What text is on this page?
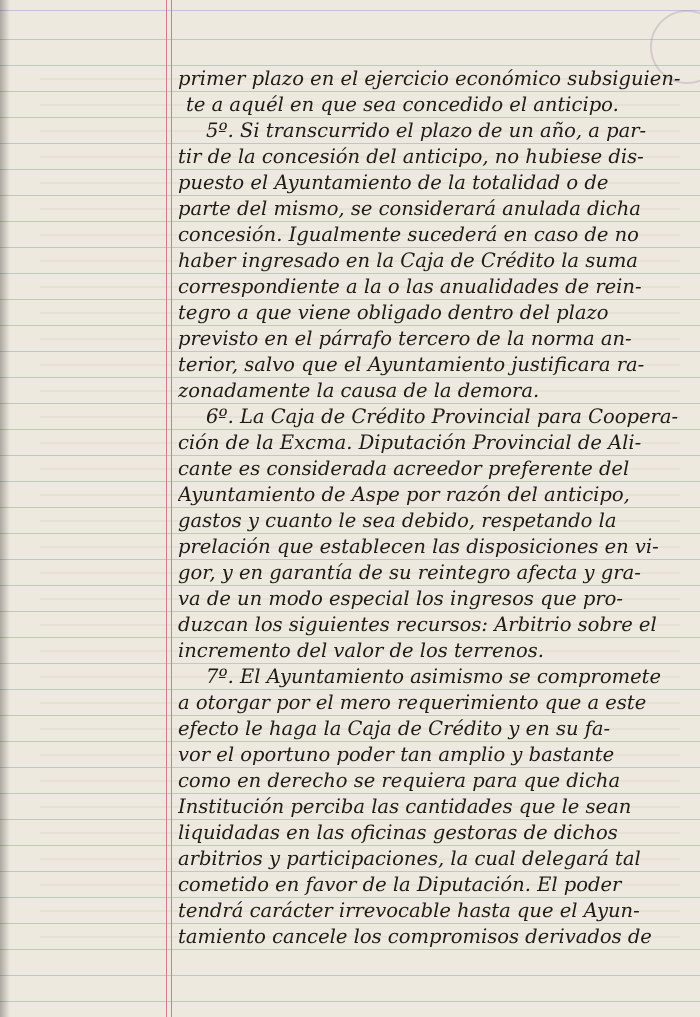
primer plazo en el ejercicio económico subsiguien-
te a aquél en que sea concedido el anticipo.
5º. Si transcurrido el plazo de un año, a par-
tir de la concesión del anticipo, no hubiese dis-
puesto el Ayuntamiento de la totalidad o de
parte del mismo, se considerará anulada dicha
concesión. Igualmente sucederá en caso de no
haber ingresado en la Caja de Crédito la suma
correspondiente a la o las anualidades de rein-
tegro a que viene obligado dentro del plazo
previsto en el párrafo tercero de la norma an-
terior, salvo que el Ayuntamiento justificara ra-
zonadamente la causa de la demora.
6º. La Caja de Crédito Provincial para Coopera-
ción de la Excma. Diputación Provincial de Ali-
cante es considerada acreedor preferente del
Ayuntamiento de Aspe por razón del anticipo,
gastos y cuanto le sea debido, respetando la
prelación que establecen las disposiciones en vi-
gor, y en garantía de su reintegro afecta y gra-
va de un modo especial los ingresos que pro-
duzcan los siguientes recursos: Arbitrio sobre el
incremento del valor de los terrenos.
7º. El Ayuntamiento asimismo se compromete
a otorgar por el mero requerimiento que a este
efecto le haga la Caja de Crédito y en su fa-
vor el oportuno poder tan amplio y bastante
como en derecho se requiera para que dicha
Institución perciba las cantidades que le sean
liquidadas en las oficinas gestoras de dichos
arbitrios y participaciones, la cual delegará tal
cometido en favor de la Diputación. El poder
tendrá carácter irrevocable hasta que el Ayun-
tamiento cancele los compromisos derivados de
